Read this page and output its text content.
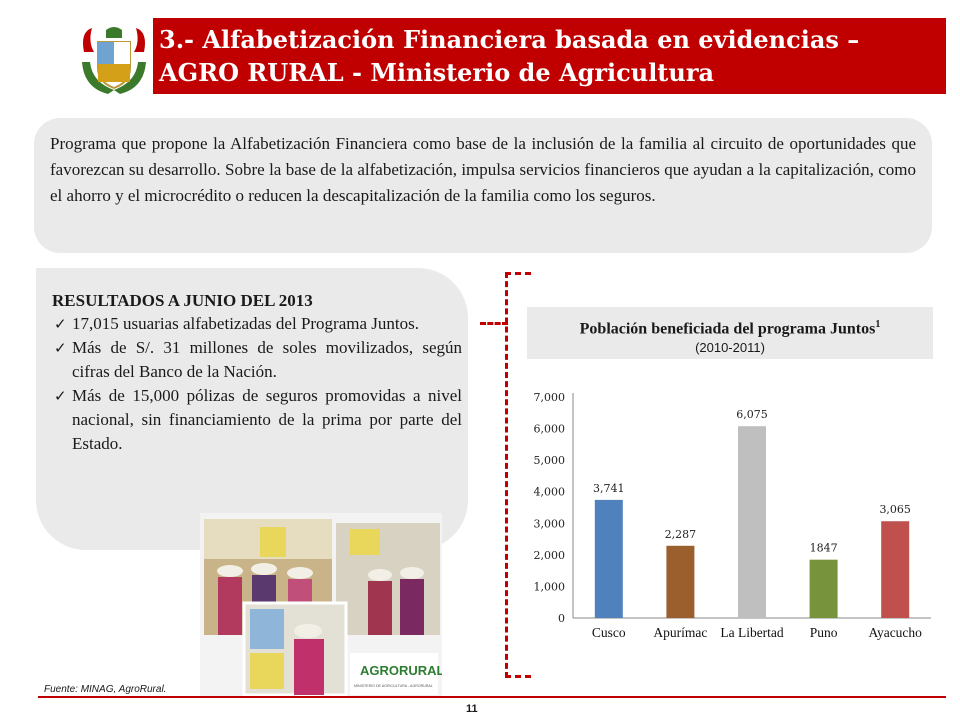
3.- Alfabetización Financiera basada en evidencias –
AGRO RURAL - Ministerio de Agricultura
Programa que propone la Alfabetización Financiera como base de la inclusión de la familia al circuito de oportunidades que favorezcan su desarrollo. Sobre la base de la alfabetización, impulsa servicios financieros que ayudan a la capitalización, como el ahorro y el microcrédito o reducen la descapitalización de la familia como los seguros.
RESULTADOS A JUNIO DEL 2013
✓ 17,015 usuarias alfabetizadas del Programa Juntos.
✓ Más de S/. 31 millones de soles movilizados, según cifras del Banco de la Nación.
✓ Más de 15,000 pólizas de seguros promovidas a nivel nacional, sin financiamiento de la prima por parte del Estado.
Población beneficiada del programa Juntos$^1$
(2010-2011)
0
1,000
2,000
3,000
4,000
5,000
6,000
7,000
3,741
Cusco
2,287
Apurímac
6,075
La Libertad
1847
Puno
3,065
Ayacucho
AGRORURAL
MINISTERIO DE AGRICULTURA - AGRORURAL
Fuente: MINAG, AgroRural.
11
